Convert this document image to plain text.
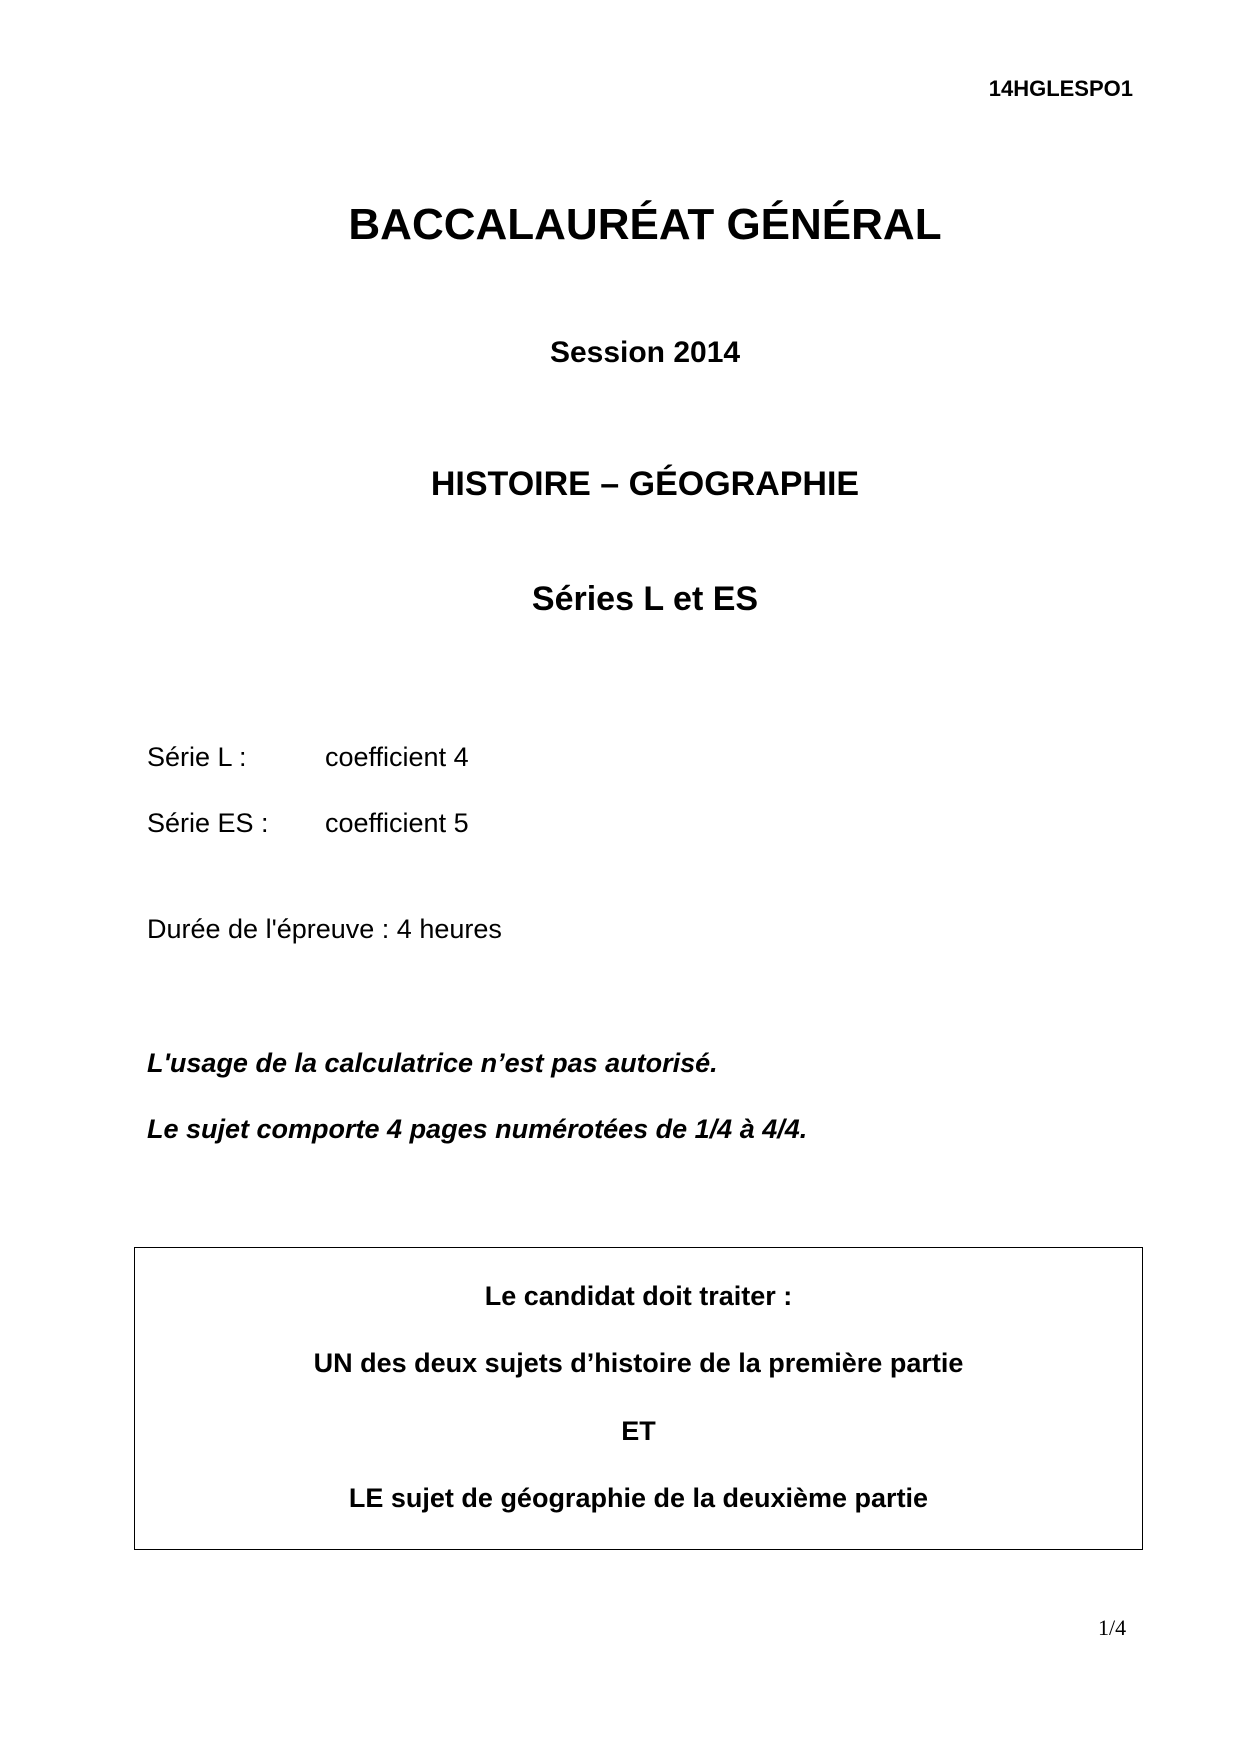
14HGLESPO1
BACCALAURÉAT GÉNÉRAL
Session 2014
HISTOIRE – GÉOGRAPHIE
Séries L et ES
Série L :	coefficient 4
Série ES :	coefficient 5
Durée de l'épreuve : 4 heures
L'usage de la calculatrice n’est pas autorisé.
Le sujet comporte 4 pages numérotées de 1/4 à 4/4.
Le candidat doit traiter :
UN des deux sujets d’histoire de la première partie
ET
LE sujet de géographie de la deuxième partie
1/4
